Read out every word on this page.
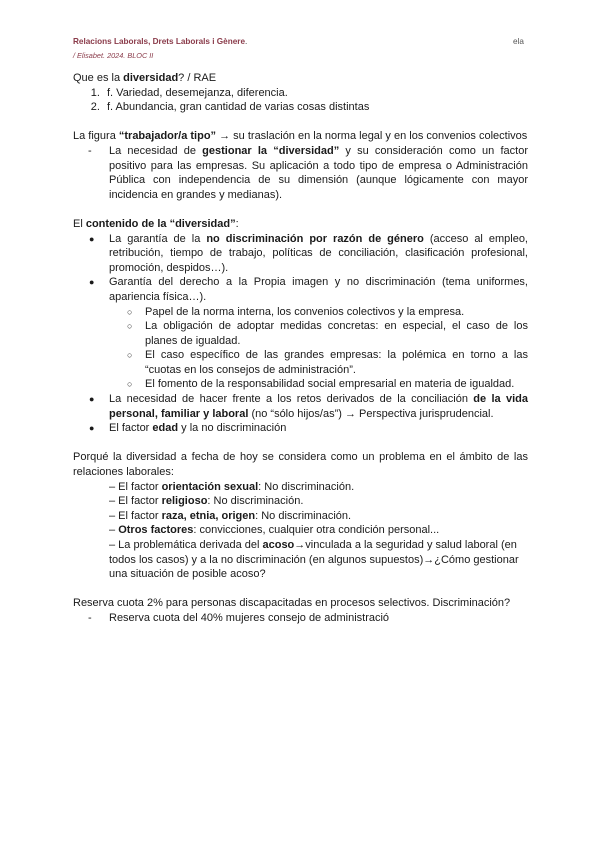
Relacions Laborals, Drets Laborals i Gènere.	ela
/ Elisabet. 2024. BLOC II

Que es la diversidad? / RAE

1. f. Variedad, desemejanza, diferencia.
2. f. Abundancia, gran cantidad de varias cosas distintas

La figura “trabajador/a tipo” → su traslación en la norma legal y en los convenios colectivos

- La necesidad de gestionar la “diversidad” y su consideración como un factor positivo para las empresas. Su aplicación a todo tipo de empresa o Administración Pública con independencia de su dimensión (aunque lógicamente con mayor incidencia en grandes y medianas).

El contenido de la “diversidad”:

● La garantía de la no discriminación por razón de género (acceso al empleo, retribución, tiempo de trabajo, políticas de conciliación, clasificación profesional, promoción, despidos…).
● Garantía del derecho a la Propia imagen y no discriminación (tema uniformes, apariencia física…).
○ Papel de la norma interna, los convenios colectivos y la empresa.
○ La obligación de adoptar medidas concretas: en especial, el caso de los planes de igualdad.
○ El caso específico de las grandes empresas: la polémica en torno a las “cuotas en los consejos de administración”.
○ El fomento de la responsabilidad social empresarial en materia de igualdad.
● La necesidad de hacer frente a los retos derivados de la conciliación de la vida personal, familiar y laboral (no “sólo hijos/as”) → Perspectiva jurisprudencial.
● El factor edad y la no discriminación

Porqué la diversidad a fecha de hoy se considera como un problema en el ámbito de las relaciones laborales:

– El factor orientación sexual: No discriminación.

– El factor religioso: No discriminación.

– El factor raza, etnia, origen: No discriminación.

– Otros factores: convicciones, cualquier otra condición personal...

– La problemática derivada del acoso→vinculada a la seguridad y salud laboral (en todos los casos) y a la no discriminación (en algunos supuestos)→¿Cómo gestionar una situación de posible acoso?

Reserva cuota 2% para personas discapacitadas en procesos selectivos. Discriminación?

- Reserva cuota del 40% mujeres consejo de administració
